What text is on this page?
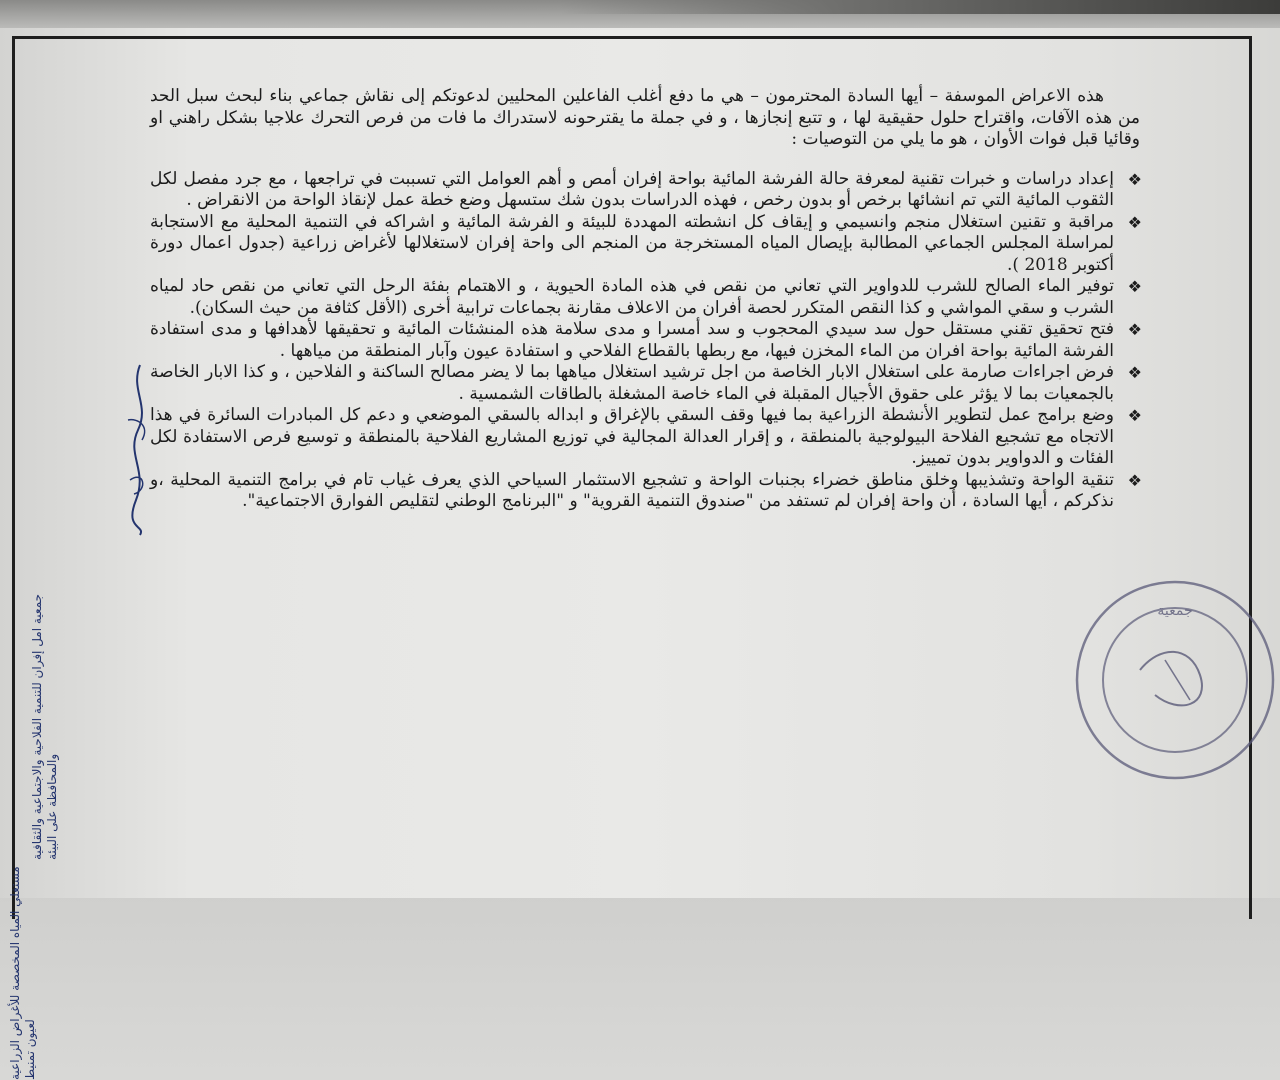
هذه الاعراض الموسفة – أيها السادة المحترمون – هي ما دفع أغلب الفاعلين المحليين لدعوتكم إلى نقاش جماعي بناء لبحث سبل الحد من هذه الآفات، واقتراح حلول حقيقية لها ، و تتبع إنجازها ، و في جملة ما يقترحونه لاستدراك ما فات من فرص التحرك علاجيا بشكل راهني او وقائيا قبل فوات الأوان ، هو ما يلي من التوصيات :

❖
إعداد دراسات و خبرات تقنية لمعرفة حالة الفرشة المائية بواحة إفران أمص و أهم العوامل التي تسببت في تراجعها ، مع جرد مفصل لكل الثقوب المائية التي تم انشائها برخص أو بدون رخص ، فهذه الدراسات بدون شك ستسهل وضع خطة عمل لإنقاذ الواحة من الانقراض .
❖
مراقبة و تقنين استغلال منجم وانسيمي و إيقاف كل انشطته المهددة للبيئة و الفرشة المائية و اشراكه في التنمية المحلية مع الاستجابة لمراسلة المجلس الجماعي المطالبة بإيصال المياه المستخرجة من المنجم الى واحة إفران لاستغلالها لأغراض زراعية (جدول اعمال دورة أكتوبر 2018 ).
❖
توفير الماء الصالح للشرب للدواوير التي تعاني من نقص في هذه المادة الحيوية ، و الاهتمام بفئة الرحل التي تعاني من نقص حاد لمياه الشرب و سقي المواشي و كذا النقص المتكرر لحصة أفران من الاعلاف مقارنة بجماعات ترابية أخرى (الأقل كثافة من حيث السكان).
❖
فتح تحقيق تقني مستقل حول سد سيدي المحجوب و سد أمسرا و مدى سلامة هذه المنشئات المائية و تحقيقها لأهدافها و مدى استفادة الفرشة المائية بواحة افران من الماء المخزن فيها، مع ربطها بالقطاع الفلاحي و استفادة عيون وآبار المنطقة من مياهها .
❖
فرض اجراءات صارمة على استغلال الابار الخاصة من اجل ترشيد استغلال مياهها بما لا يضر مصالح الساكنة و الفلاحين ، و كذا الابار الخاصة بالجمعيات بما لا يؤثر على حقوق الأجيال المقبلة في الماء خاصة المشغلة بالطاقات الشمسية .
❖
وضع برامج عمل لتطوير الأنشطة الزراعية بما فيها وقف السقي بالإغراق و ابداله بالسقي الموضعي و دعم كل المبادرات السائرة في هذا الاتجاه مع تشجيع الفلاحة البيولوجية بالمنطقة ، و إقرار العدالة المجالية في توزيع المشاريع الفلاحية بالمنطقة و توسيع فرص الاستفادة لكل الفئات و الدواوير بدون تمييز.
❖
تنقية الواحة وتشذيبها وخلق مناطق خضراء بجنبات الواحة و تشجيع الاستثمار السياحي الذي يعرف غياب تام في برامج التنمية المحلية ،و نذكركم ، أيها السادة ، أن واحة إفران لم تستفد من "صندوق التنمية القروية" و "البرنامج الوطني لتقليص الفوارق الاجتماعية".
جمعية امل إفران للتنمية الفلاحية والاجتماعية والثقافية والمحافظة على البيئة
مستغلي المياه المخصصة للأغراض الزراعية لعيون تمنيط
جمعية
